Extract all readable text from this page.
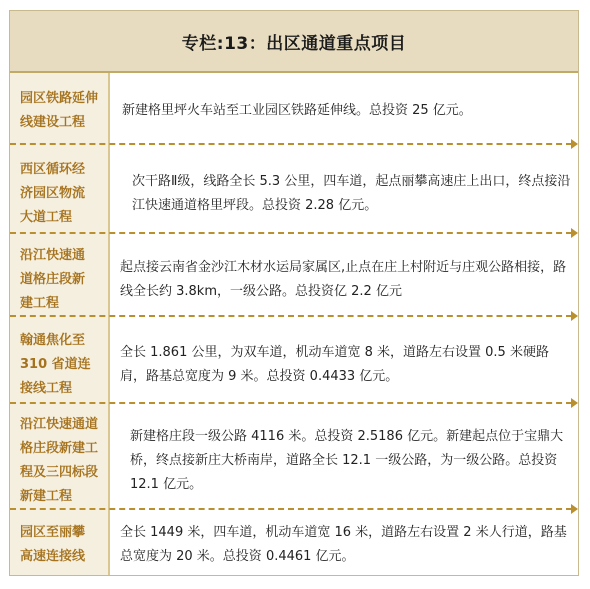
专栏:13：出区通道重点项目
园区铁路延伸
线建设工程
新建格里坪火车站至工业园区铁路延伸线。总投资 25 亿元。
西区循环经
济园区物流
大道工程
次干路Ⅱ级，线路全长 5.3 公里，四车道，起点丽攀高速庄上出口，终点接沿江快速通道格里坪段。总投资 2.28 亿元。
沿江快速通
道格庄段新
建工程
起点接云南省金沙江木材水运局家属区,止点在庄上村附近与庄观公路相接，路线全长约 3.8km，一级公路。总投资亿 2.2 亿元
翰通焦化至
310 省道连
接线工程
全长 1.861 公里，为双车道，机动车道宽 8 米，道路左右设置 0.5 米硬路肩，路基总宽度为 9 米。总投资 0.4433 亿元。
沿江快速通道
格庄段新建工
程及三四标段
新建工程
新建格庄段一级公路 4116 米。总投资 2.5186 亿元。新建起点位于宝鼎大桥，终点接新庄大桥南岸，道路全长 12.1 一级公路，为一级公路。总投资 12.1 亿元。
园区至丽攀
高速连接线
全长 1449 米，四车道，机动车道宽 16 米，道路左右设置 2 米人行道，路基总宽度为 20 米。总投资 0.4461 亿元。
